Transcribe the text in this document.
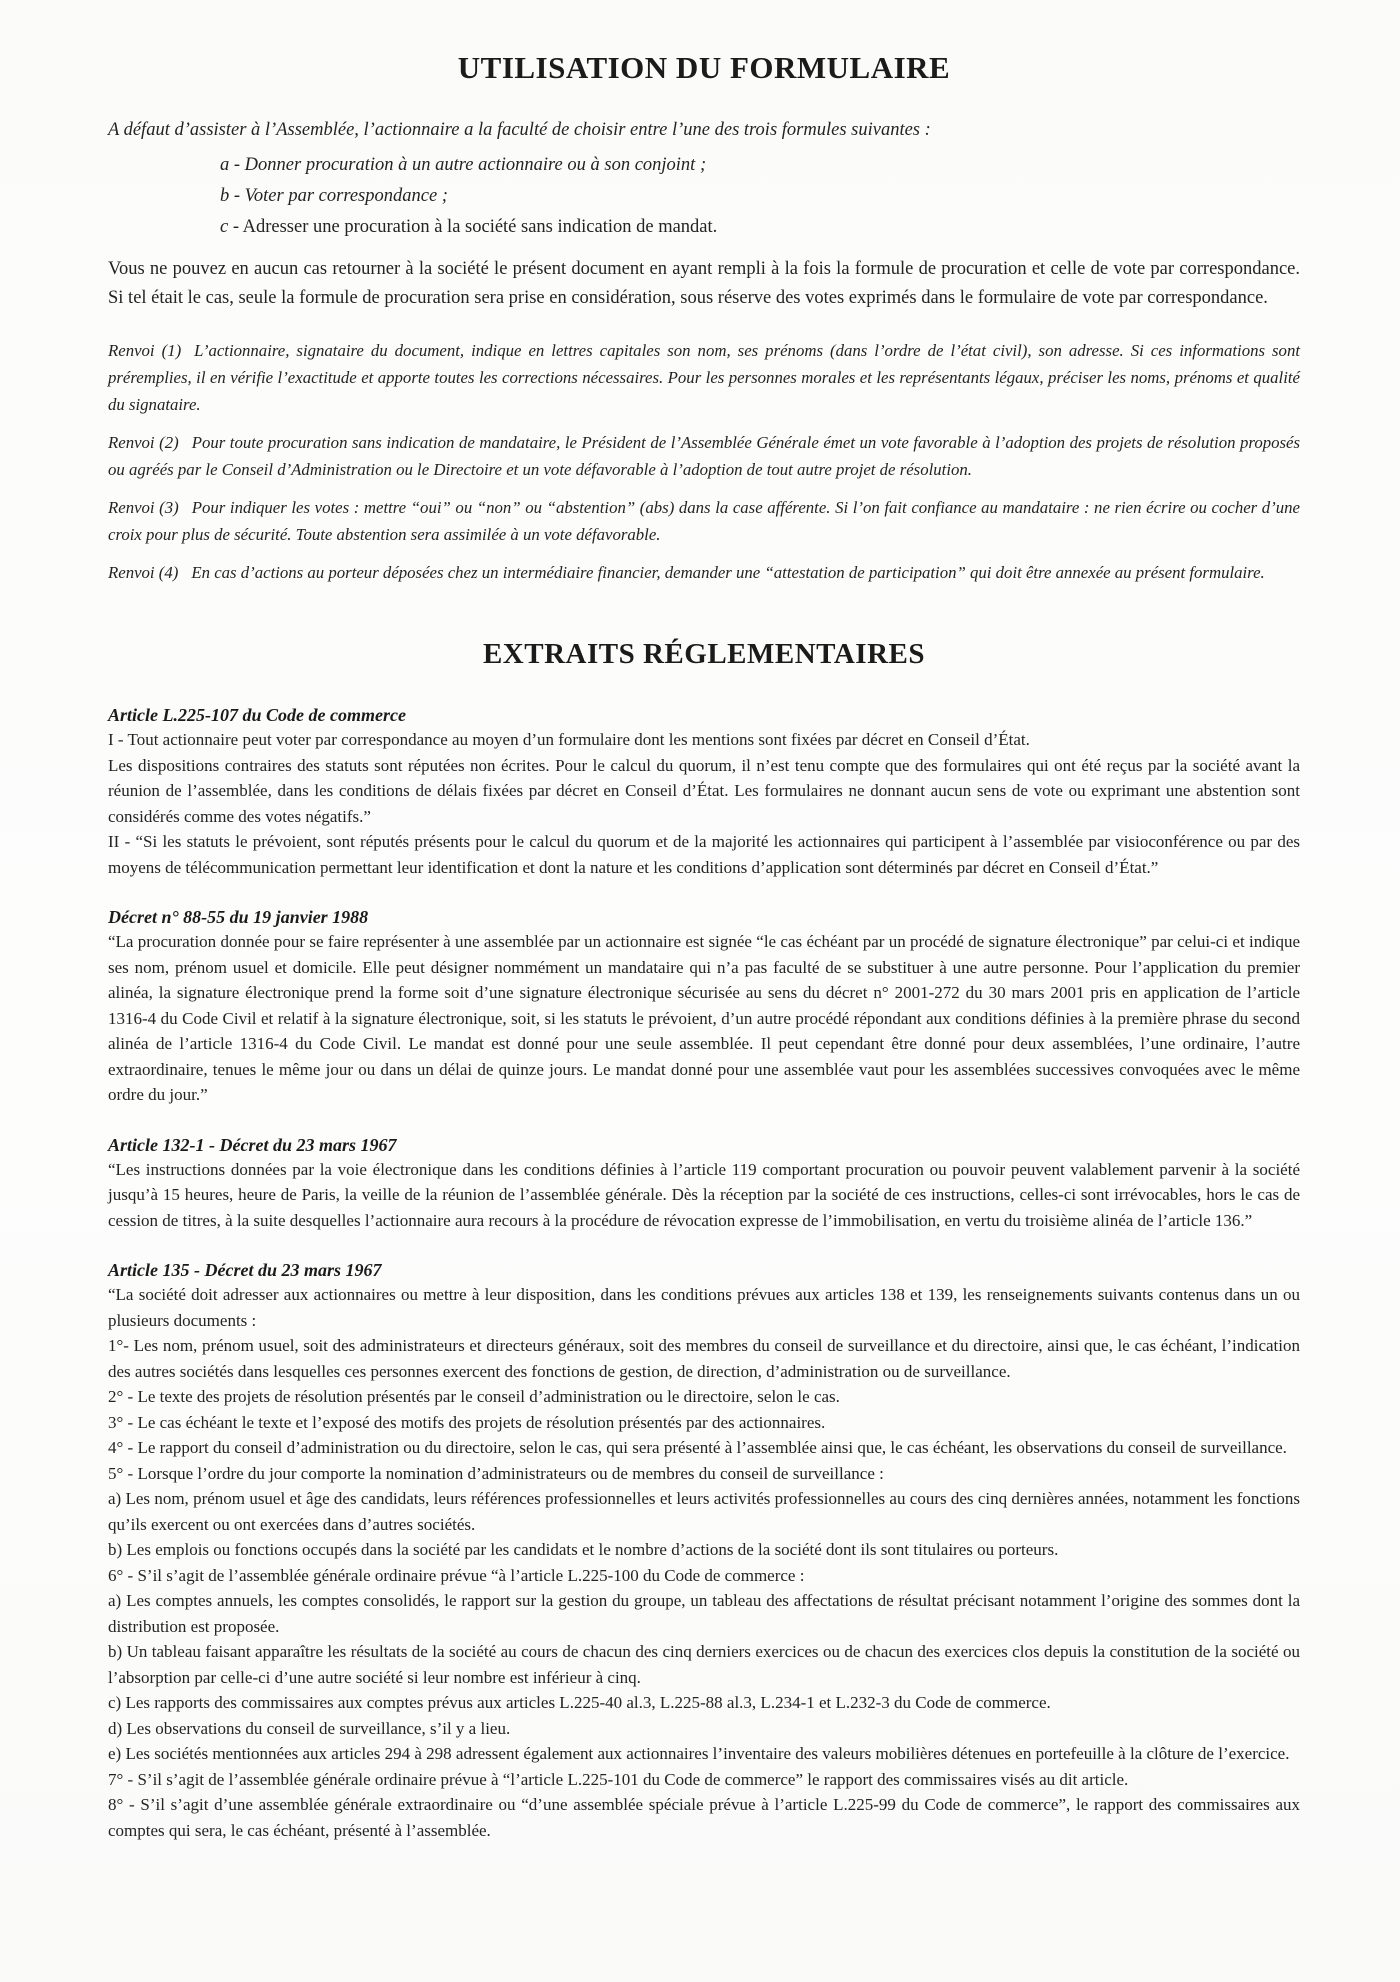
UTILISATION DU FORMULAIRE

A défaut d’assister à l’Assemblée, l’actionnaire a la faculté de choisir entre l’une des trois formules suivantes :

a - Donner procuration à un autre actionnaire ou à son conjoint ;

b - Voter par correspondance ;

c - Adresser une procuration à la société sans indication de mandat.

Vous ne pouvez en aucun cas retourner à la société le présent document en ayant rempli à la fois la formule de procuration et celle de vote par correspondance. Si tel était le cas, seule la formule de procuration sera prise en considération, sous réserve des votes exprimés dans le formulaire de vote par correspondance.

Renvoi (1) L’actionnaire, signataire du document, indique en lettres capitales son nom, ses prénoms (dans l’ordre de l’état civil), son adresse. Si ces informations sont préremplies, il en vérifie l’exactitude et apporte toutes les corrections nécessaires. Pour les personnes morales et les représentants légaux, préciser les noms, prénoms et qualité du signataire.

Renvoi (2) Pour toute procuration sans indication de mandataire, le Président de l’Assemblée Générale émet un vote favorable à l’adoption des projets de résolution proposés ou agréés par le Conseil d’Administration ou le Directoire et un vote défavorable à l’adoption de tout autre projet de résolution.

Renvoi (3) Pour indiquer les votes : mettre “oui” ou “non” ou “abstention” (abs) dans la case afférente. Si l’on fait confiance au mandataire : ne rien écrire ou cocher d’une croix pour plus de sécurité. Toute abstention sera assimilée à un vote défavorable.

Renvoi (4) En cas d’actions au porteur déposées chez un intermédiaire financier, demander une “attestation de participation” qui doit être annexée au présent formulaire.

EXTRAITS RÉGLEMENTAIRES
Article L.225-107 du Code de commerce

I - Tout actionnaire peut voter par correspondance au moyen d’un formulaire dont les mentions sont fixées par décret en Conseil d’État.

Les dispositions contraires des statuts sont réputées non écrites. Pour le calcul du quorum, il n’est tenu compte que des formulaires qui ont été reçus par la société avant la réunion de l’assemblée, dans les conditions de délais fixées par décret en Conseil d’État. Les formulaires ne donnant aucun sens de vote ou exprimant une abstention sont considérés comme des votes négatifs.”

II - “Si les statuts le prévoient, sont réputés présents pour le calcul du quorum et de la majorité les actionnaires qui participent à l’assemblée par visioconférence ou par des moyens de télécommunication permettant leur identification et dont la nature et les conditions d’application sont déterminés par décret en Conseil d’État.”

Décret n° 88-55 du 19 janvier 1988

“La procuration donnée pour se faire représenter à une assemblée par un actionnaire est signée “le cas échéant par un procédé de signature électronique” par celui-ci et indique ses nom, prénom usuel et domicile. Elle peut désigner nommément un mandataire qui n’a pas faculté de se substituer à une autre personne. Pour l’application du premier alinéa, la signature électronique prend la forme soit d’une signature électronique sécurisée au sens du décret n° 2001-272 du 30 mars 2001 pris en application de l’article 1316-4 du Code Civil et relatif à la signature électronique, soit, si les statuts le prévoient, d’un autre procédé répondant aux conditions définies à la première phrase du second alinéa de l’article 1316-4 du Code Civil. Le mandat est donné pour une seule assemblée. Il peut cependant être donné pour deux assemblées, l’une ordinaire, l’autre extraordinaire, tenues le même jour ou dans un délai de quinze jours. Le mandat donné pour une assemblée vaut pour les assemblées successives convoquées avec le même ordre du jour.”

Article 132-1 - Décret du 23 mars 1967

“Les instructions données par la voie électronique dans les conditions définies à l’article 119 comportant procuration ou pouvoir peuvent valablement parvenir à la société jusqu’à 15 heures, heure de Paris, la veille de la réunion de l’assemblée générale. Dès la réception par la société de ces instructions, celles-ci sont irrévocables, hors le cas de cession de titres, à la suite desquelles l’actionnaire aura recours à la procédure de révocation expresse de l’immobilisation, en vertu du troisième alinéa de l’article 136.”

Article 135 - Décret du 23 mars 1967

“La société doit adresser aux actionnaires ou mettre à leur disposition, dans les conditions prévues aux articles 138 et 139, les renseignements suivants contenus dans un ou plusieurs documents :

1°- Les nom, prénom usuel, soit des administrateurs et directeurs généraux, soit des membres du conseil de surveillance et du directoire, ainsi que, le cas échéant, l’indication des autres sociétés dans lesquelles ces personnes exercent des fonctions de gestion, de direction, d’administration ou de surveillance.

2° - Le texte des projets de résolution présentés par le conseil d’administration ou le directoire, selon le cas.

3° - Le cas échéant le texte et l’exposé des motifs des projets de résolution présentés par des actionnaires.

4° - Le rapport du conseil d’administration ou du directoire, selon le cas, qui sera présenté à l’assemblée ainsi que, le cas échéant, les observations du conseil de surveillance.

5° - Lorsque l’ordre du jour comporte la nomination d’administrateurs ou de membres du conseil de surveillance :

a) Les nom, prénom usuel et âge des candidats, leurs références professionnelles et leurs activités professionnelles au cours des cinq dernières années, notamment les fonctions qu’ils exercent ou ont exercées dans d’autres sociétés.

b) Les emplois ou fonctions occupés dans la société par les candidats et le nombre d’actions de la société dont ils sont titulaires ou porteurs.

6° - S’il s’agit de l’assemblée générale ordinaire prévue “à l’article L.225-100 du Code de commerce :

a) Les comptes annuels, les comptes consolidés, le rapport sur la gestion du groupe, un tableau des affectations de résultat précisant notamment l’origine des sommes dont la distribution est proposée.

b) Un tableau faisant apparaître les résultats de la société au cours de chacun des cinq derniers exercices ou de chacun des exercices clos depuis la constitution de la société ou l’absorption par celle-ci d’une autre société si leur nombre est inférieur à cinq.

c) Les rapports des commissaires aux comptes prévus aux articles L.225-40 al.3, L.225-88 al.3, L.234-1 et L.232-3 du Code de commerce.

d) Les observations du conseil de surveillance, s’il y a lieu.

e) Les sociétés mentionnées aux articles 294 à 298 adressent également aux actionnaires l’inventaire des valeurs mobilières détenues en portefeuille à la clôture de l’exercice.

7° - S’il s’agit de l’assemblée générale ordinaire prévue à “l’article L.225-101 du Code de commerce” le rapport des commissaires visés au dit article.

8° - S’il s’agit d’une assemblée générale extraordinaire ou “d’une assemblée spéciale prévue à l’article L.225-99 du Code de commerce”, le rapport des commissaires aux comptes qui sera, le cas échéant, présenté à l’assemblée.
